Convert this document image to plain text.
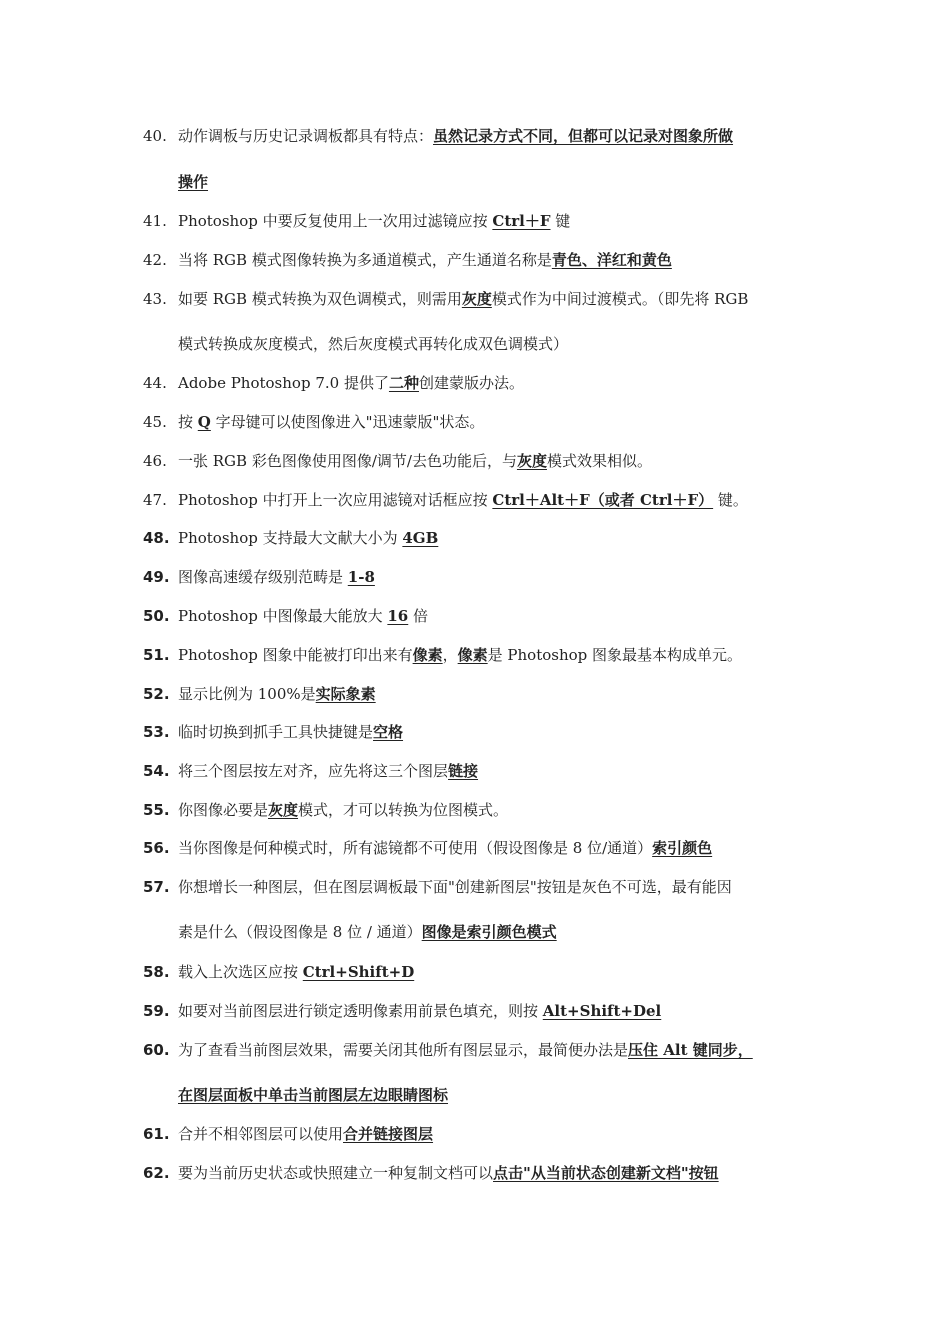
40. 动作调板与历史记录调板都具有特点：虽然记录方式不同，但都可以记录对图象所做
操作
41. Photoshop 中要反复使用上一次用过滤镜应按 Ctrl＋F 键
42. 当将 RGB 模式图像转换为多通道模式，产生通道名称是青色、洋红和黄色
43. 如要 RGB 模式转换为双色调模式，则需用灰度模式作为中间过渡模式。（即先将 RGB
模式转换成灰度模式，然后灰度模式再转化成双色调模式）
44. Adobe Photoshop 7.0 提供了二种创建蒙版办法。
45. 按 Q 字母键可以使图像进入"迅速蒙版"状态。
46. 一张 RGB 彩色图像使用图像/调节/去色功能后，与灰度模式效果相似。
47. Photoshop 中打开上一次应用滤镜对话框应按 Ctrl＋Alt＋F（或者 Ctrl＋F） 键。
48. Photoshop 支持最大文献大小为 4GB
49. 图像高速缓存级别范畴是 1-8
50. Photoshop 中图像最大能放大 16 倍
51. Photoshop 图象中能被打印出来有像素，像素是 Photoshop 图象最基本构成单元。
52. 显示比例为 100%是实际象素
53. 临时切换到抓手工具快捷键是空格
54. 将三个图层按左对齐，应先将这三个图层链接
55. 你图像必要是灰度模式，才可以转换为位图模式。
56. 当你图像是何种模式时，所有滤镜都不可使用（假设图像是 8 位/通道）索引颜色
57. 你想增长一种图层，但在图层调板最下面"创建新图层"按钮是灰色不可选，最有能因
素是什么（假设图像是 8 位 / 通道）图像是索引颜色模式
58. 载入上次选区应按 Ctrl+Shift+D
59. 如要对当前图层进行锁定透明像素用前景色填充，则按 Alt+Shift+Del
60. 为了查看当前图层效果，需要关闭其他所有图层显示，最简便办法是压住 Alt 键同步，
在图层面板中单击当前图层左边眼睛图标
61. 合并不相邻图层可以使用合并链接图层
62. 要为当前历史状态或快照建立一种复制文档可以点击"从当前状态创建新文档"按钮
